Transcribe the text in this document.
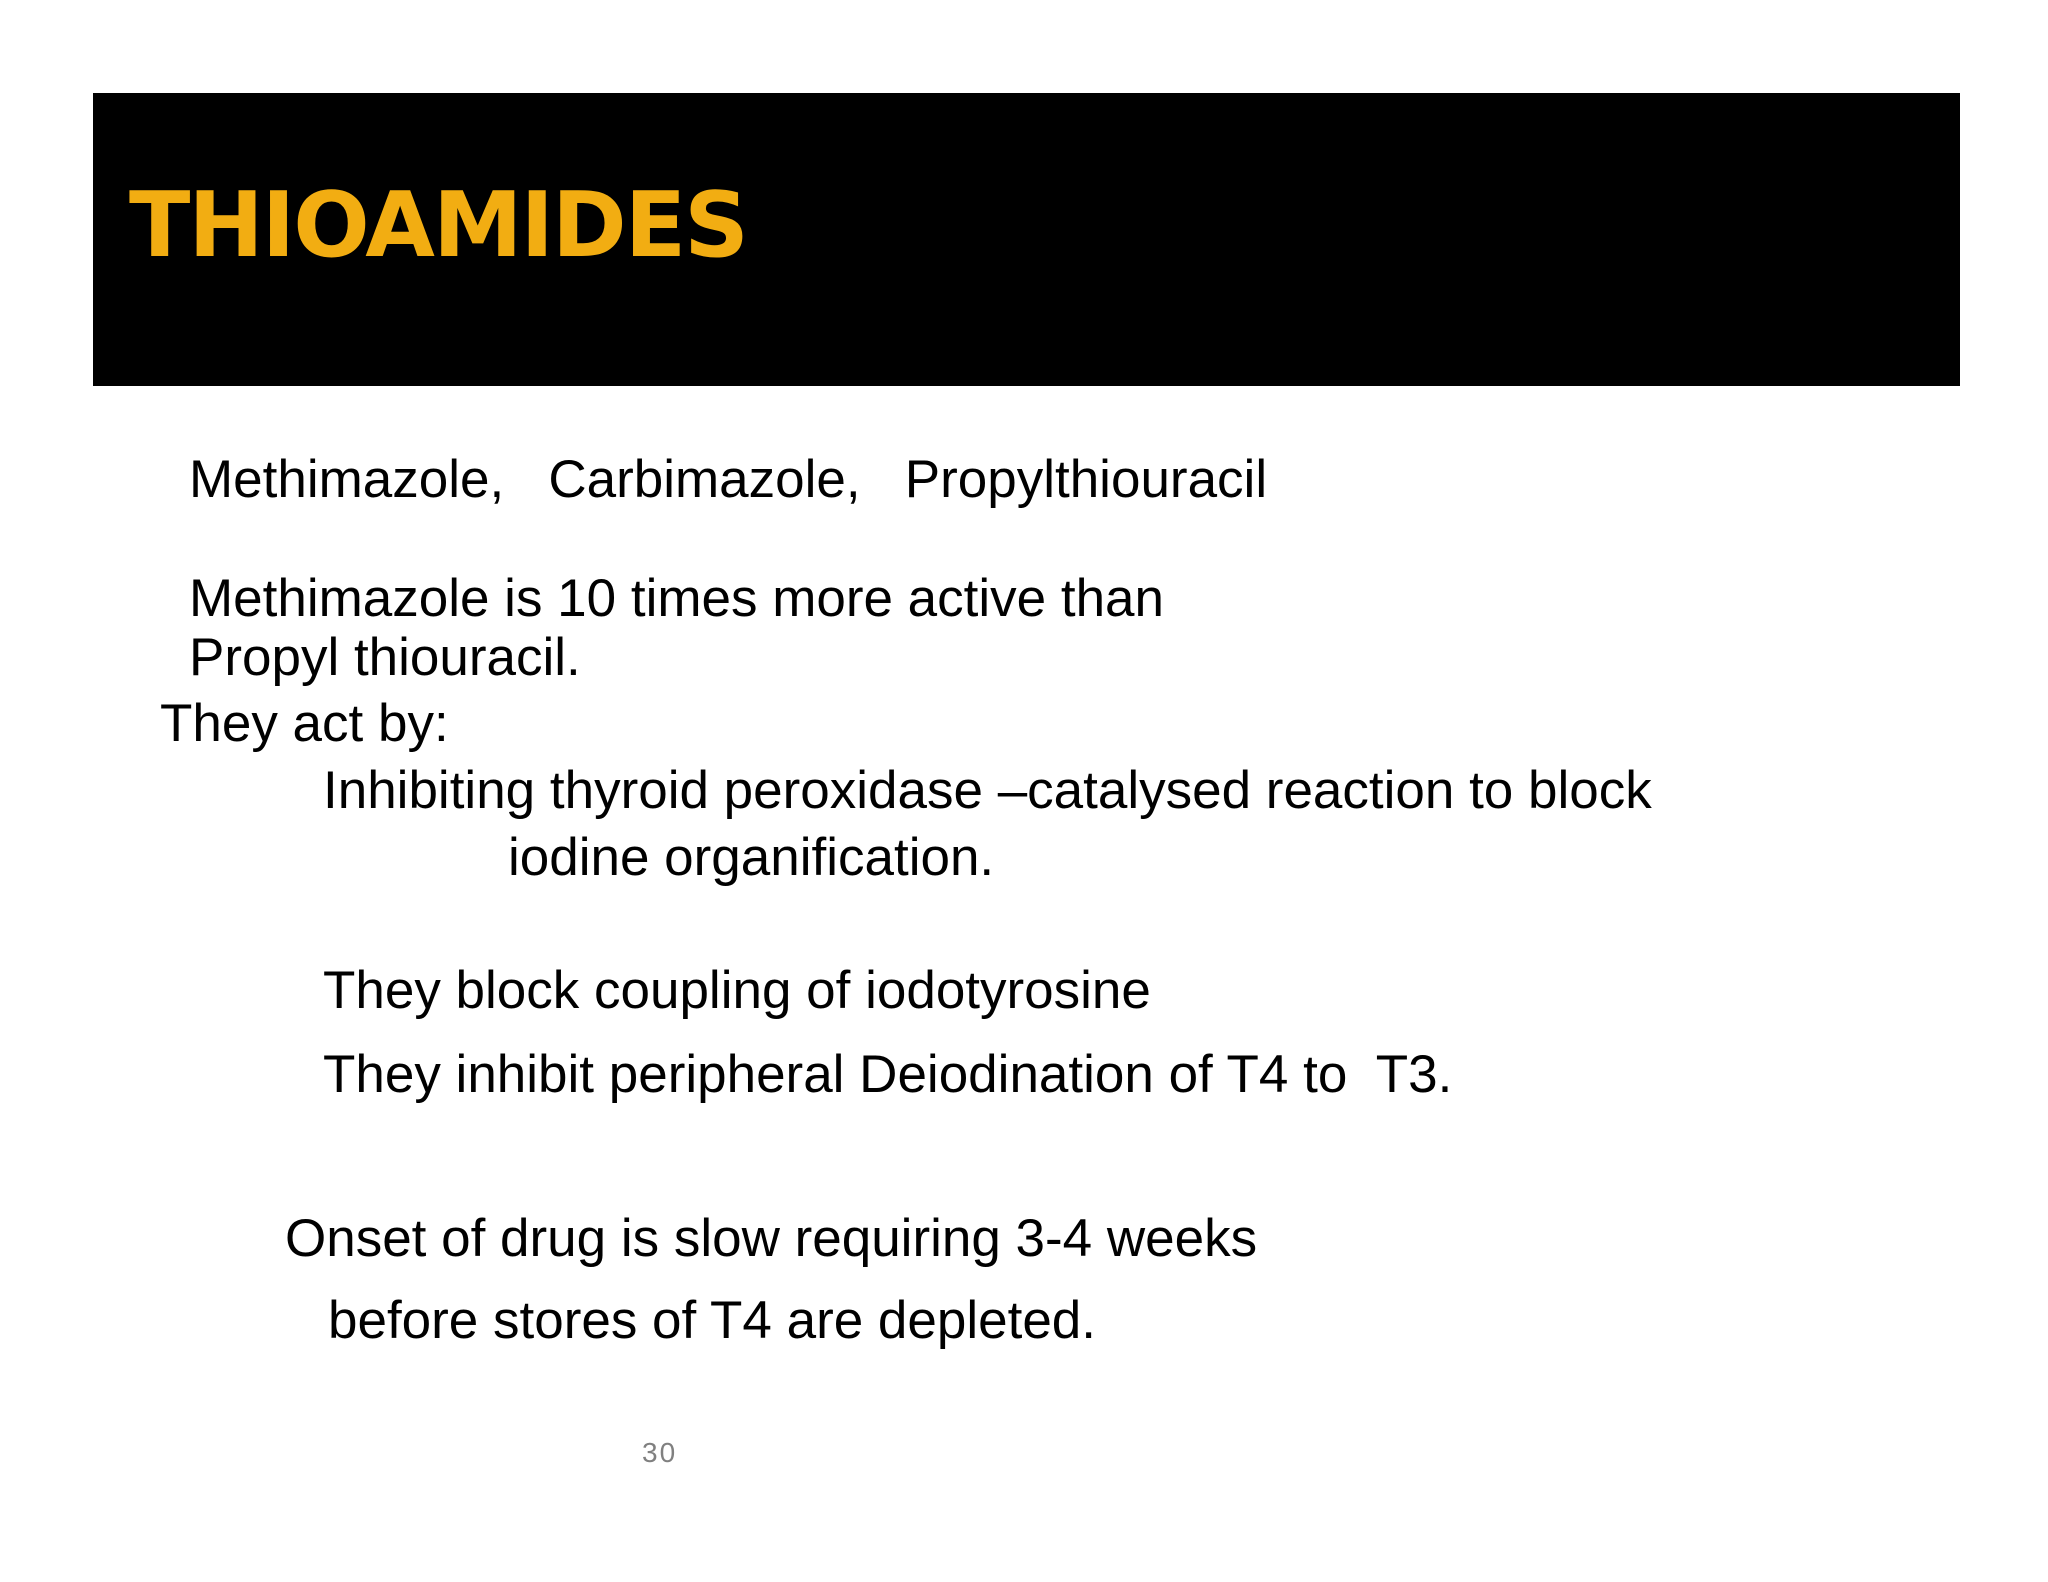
THIOAMIDES
Methimazole,   Carbimazole,   Propylthiouracil
Methimazole is 10 times more active than
Propyl thiouracil.
They act by:
Inhibiting thyroid peroxidase –catalysed reaction to block
iodine organification.
They block coupling of iodotyrosine
They inhibit peripheral Deiodination of T4 to  T3.
Onset of drug is slow requiring 3-4 weeks
before stores of T4 are depleted.
30
